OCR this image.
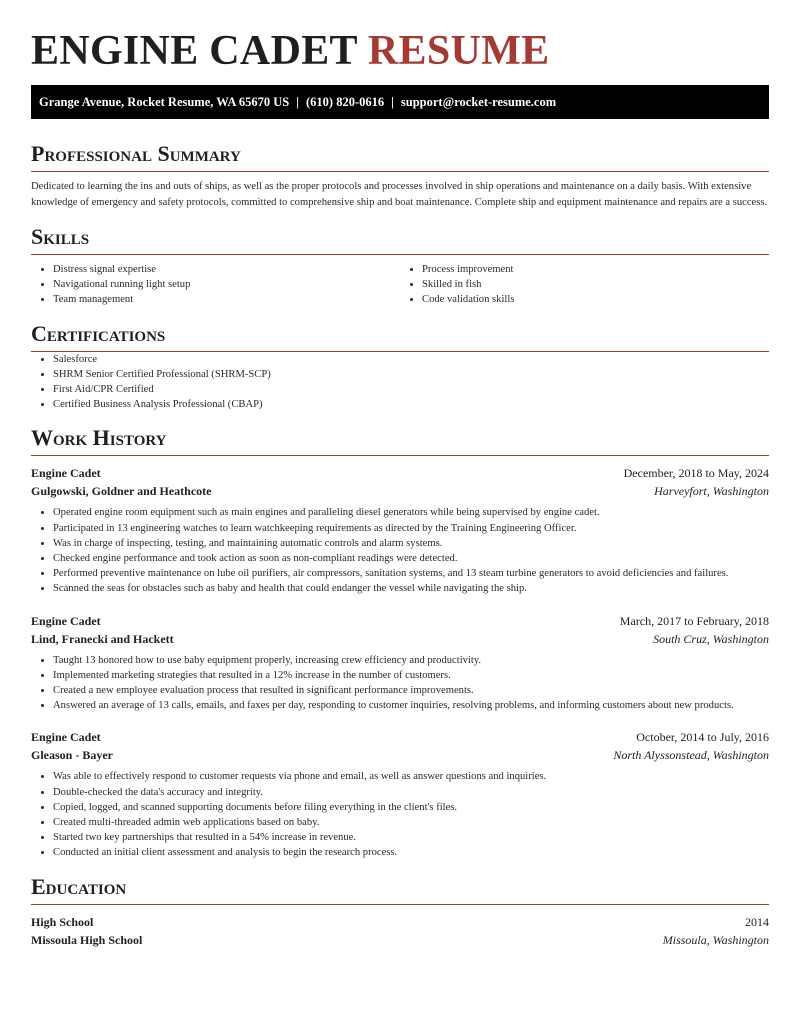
ENGINE CADET RESUME
Grange Avenue, Rocket Resume, WA 65670 US | (610) 820-0616 | support@rocket-resume.com
Professional Summary

Dedicated to learning the ins and outs of ships, as well as the proper protocols and processes involved in ship operations and maintenance on a daily basis. With extensive knowledge of emergency and safety protocols, committed to comprehensive ship and boat maintenance. Complete ship and equipment maintenance and repairs are a success.

Skills
• Distress signal expertise
• Navigational running light setup
• Team management
• Process improvement
• Skilled in fish
• Code validation skills
Certifications
• Salesforce
• SHRM Senior Certified Professional (SHRM-SCP)
• First Aid/CPR Certified
• Certified Business Analysis Professional (CBAP)
Work History
Engine Cadet	December, 2018 to May, 2024
Gulgowski, Goldner and Heathcote	Harveyfort, Washington
• Operated engine room equipment such as main engines and paralleling diesel generators while being supervised by engine cadet.
• Participated in 13 engineering watches to learn watchkeeping requirements as directed by the Training Engineering Officer.
• Was in charge of inspecting, testing, and maintaining automatic controls and alarm systems.
• Checked engine performance and took action as soon as non-compliant readings were detected.
• Performed preventive maintenance on lube oil purifiers, air compressors, sanitation systems, and 13 steam turbine generators to avoid deficiencies and failures.
• Scanned the seas for obstacles such as baby and health that could endanger the vessel while navigating the ship.
Engine Cadet	March, 2017 to February, 2018
Lind, Franecki and Hackett	South Cruz, Washington
• Taught 13 honored how to use baby equipment properly, increasing crew efficiency and productivity.
• Implemented marketing strategies that resulted in a 12% increase in the number of customers.
• Created a new employee evaluation process that resulted in significant performance improvements.
• Answered an average of 13 calls, emails, and faxes per day, responding to customer inquiries, resolving problems, and informing customers about new products.
Engine Cadet	October, 2014 to July, 2016
Gleason - Bayer	North Alyssonstead, Washington
• Was able to effectively respond to customer requests via phone and email, as well as answer questions and inquiries.
• Double-checked the data's accuracy and integrity.
• Copied, logged, and scanned supporting documents before filing everything in the client's files.
• Created multi-threaded admin web applications based on baby.
• Started two key partnerships that resulted in a 54% increase in revenue.
• Conducted an initial client assessment and analysis to begin the research process.
Education
High School	2014
Missoula High School	Missoula, Washington
